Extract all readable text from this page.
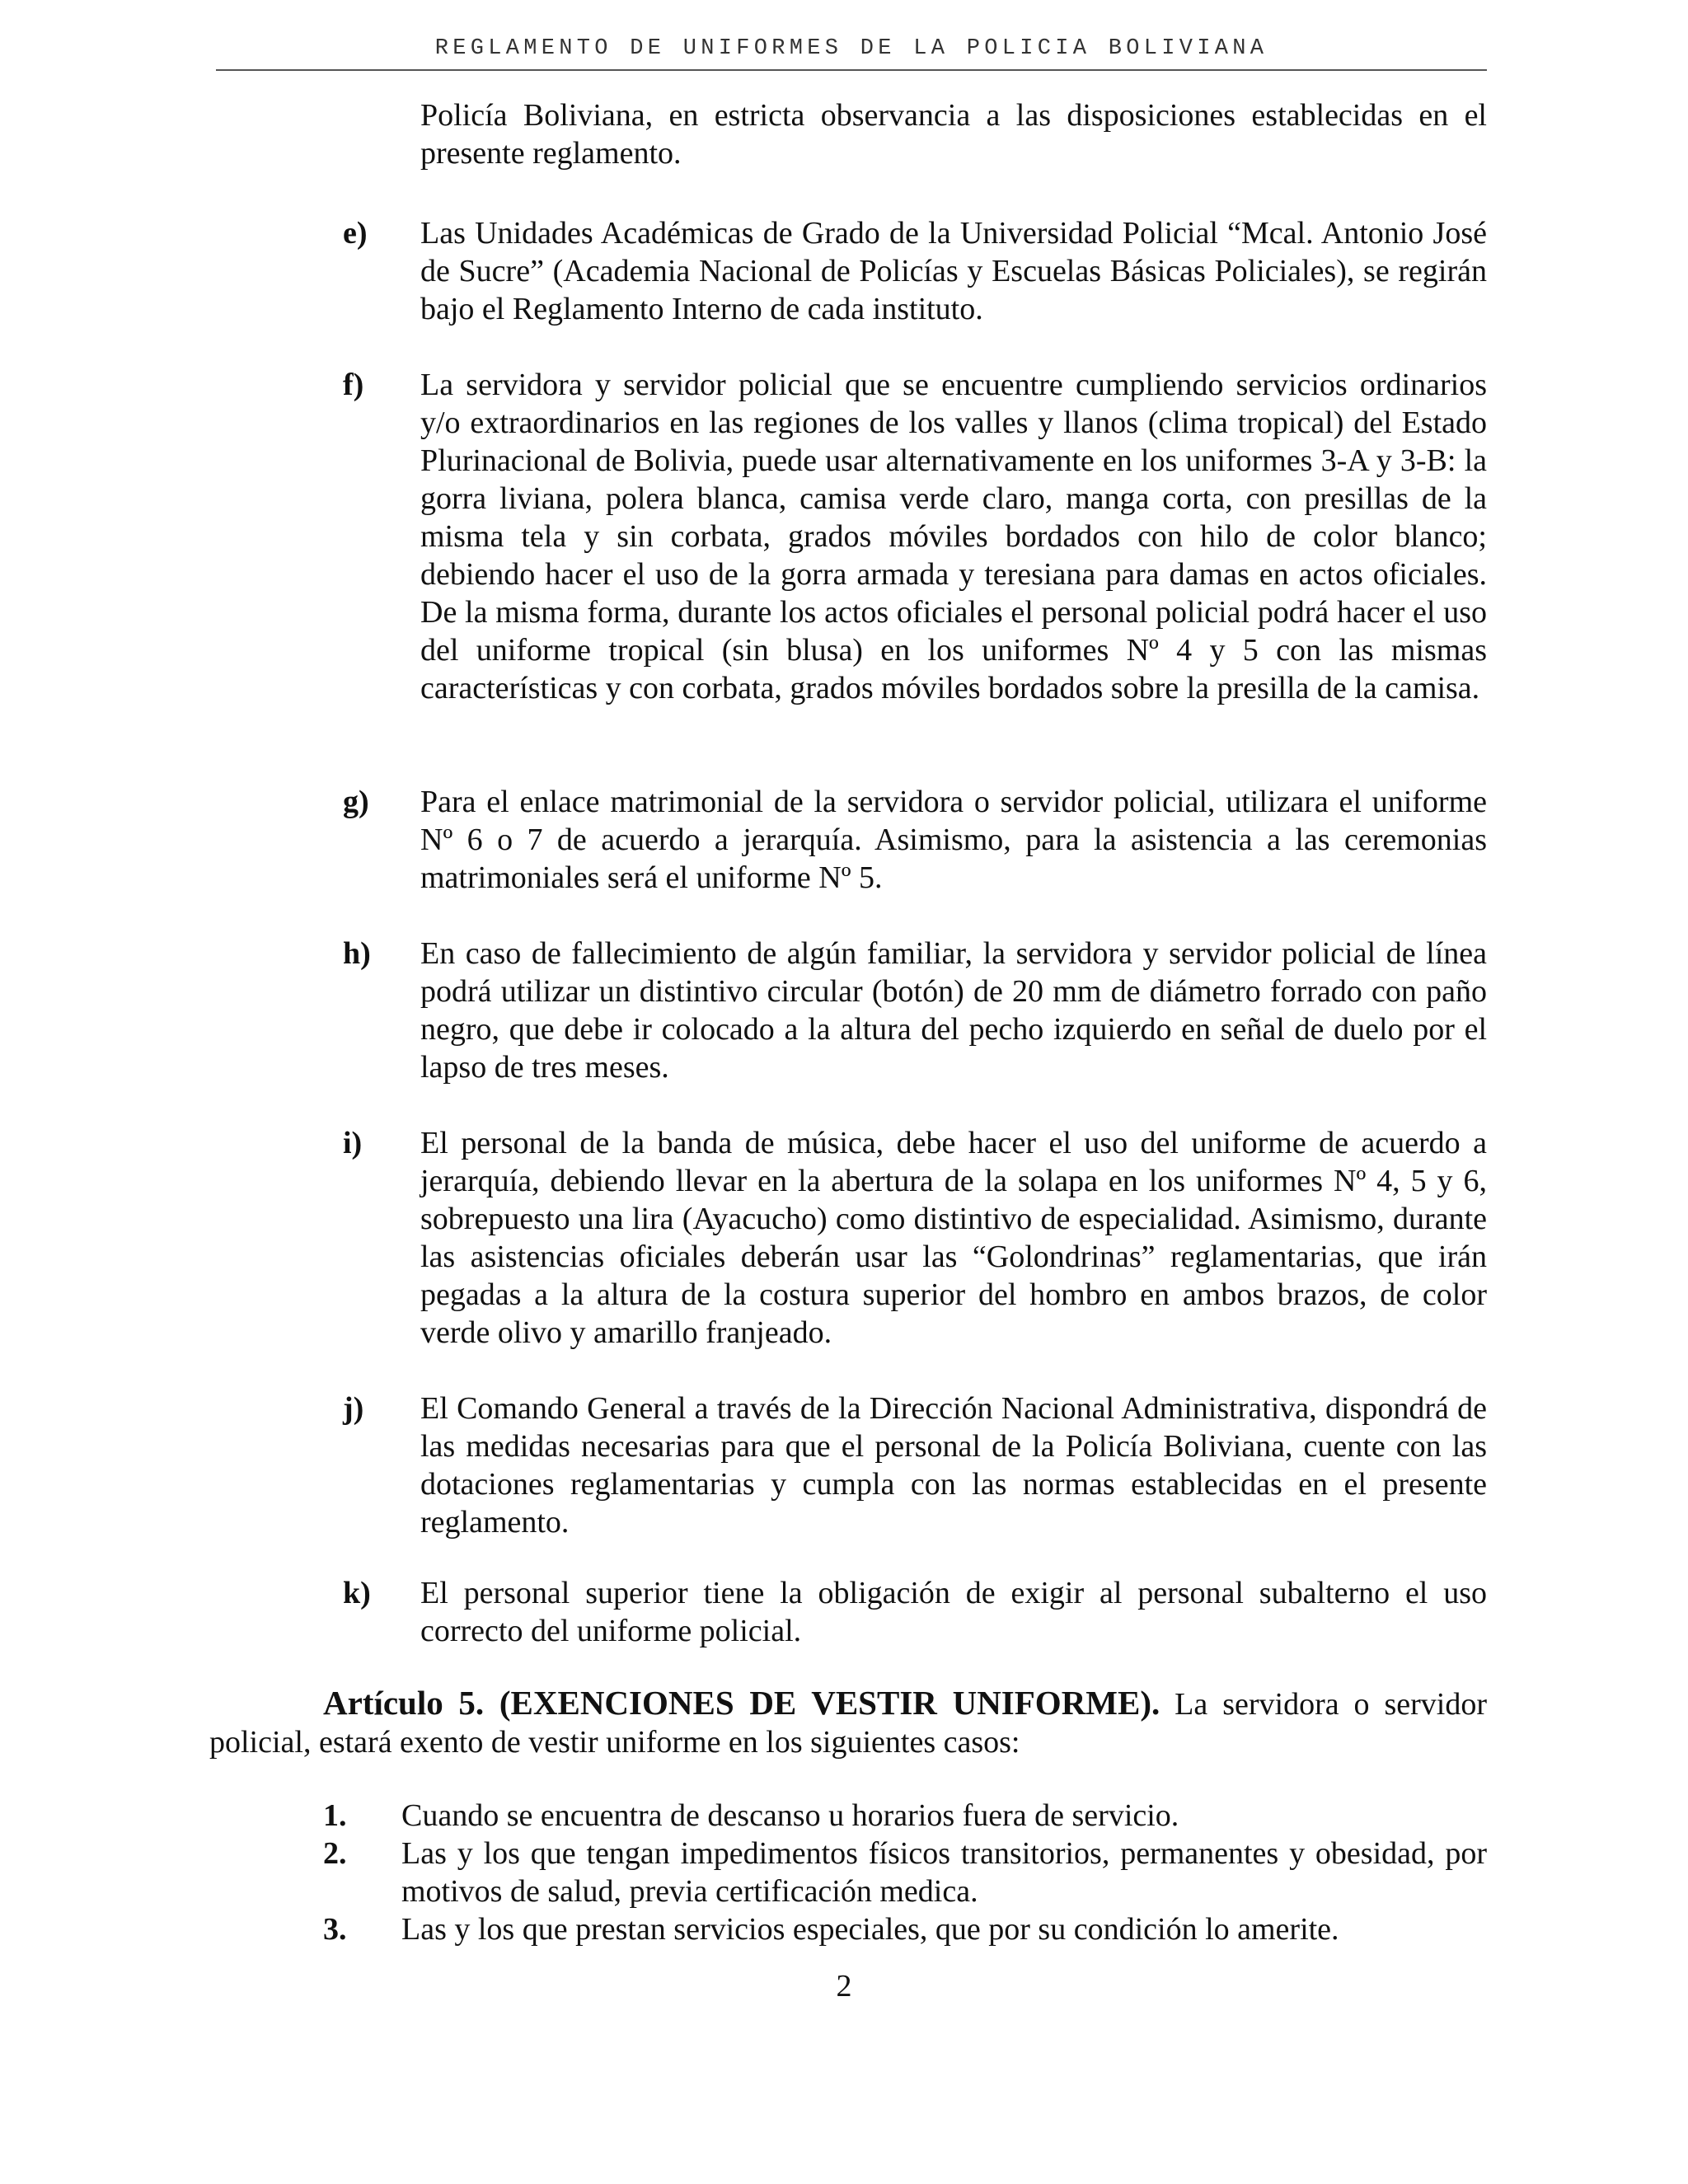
REGLAMENTO DE UNIFORMES DE LA POLICIA BOLIVIANA
Policía Boliviana, en estricta observancia a las disposiciones establecidas en el presente reglamento.
e) Las Unidades Académicas de Grado de la Universidad Policial “Mcal. Antonio José de Sucre” (Academia Nacional de Policías y Escuelas Básicas Policiales), se regirán bajo el Reglamento Interno de cada instituto.
f) La servidora y servidor policial que se encuentre cumpliendo servicios ordinarios y/o extraordinarios en las regiones de los valles y llanos (clima tropical) del Estado Plurinacional de Bolivia, puede usar alternativamente en los uniformes 3-A y 3-B: la gorra liviana, polera blanca, camisa verde claro, manga corta, con presillas de la misma tela y sin corbata, grados móviles bordados con hilo de color blanco; debiendo hacer el uso de la gorra armada y teresiana para damas en actos oficiales. De la misma forma, durante los actos oficiales el personal policial podrá hacer el uso del uniforme tropical (sin blusa) en los uniformes Nº 4 y 5 con las mismas características y con corbata, grados móviles bordados sobre la presilla de la camisa.
g) Para el enlace matrimonial de la servidora o servidor policial, utilizara el uniforme Nº 6 o 7 de acuerdo a jerarquía. Asimismo, para la asistencia a las ceremonias matrimoniales será el uniforme Nº 5.
h) En caso de fallecimiento de algún familiar, la servidora y servidor policial de línea podrá utilizar un distintivo circular (botón) de 20 mm de diámetro forrado con paño negro, que debe ir colocado a la altura del pecho izquierdo en señal de duelo por el lapso de tres meses.
i) El personal de la banda de música, debe hacer el uso del uniforme de acuerdo a jerarquía, debiendo llevar en la abertura de la solapa en los uniformes Nº 4, 5 y 6, sobrepuesto una lira (Ayacucho) como distintivo de especialidad. Asimismo, durante las asistencias oficiales deberán usar las “Golondrinas” reglamentarias, que irán pegadas a la altura de la costura superior del hombro en ambos brazos, de color verde olivo y amarillo franjeado.
j) El Comando General a través de la Dirección Nacional Administrativa, dispondrá de las medidas necesarias para que el personal de la Policía Boliviana, cuente con las dotaciones reglamentarias y cumpla con las normas establecidas en el presente reglamento.
k) El personal superior tiene la obligación de exigir al personal subalterno el uso correcto del uniforme policial.
Artículo 5. (EXENCIONES DE VESTIR UNIFORME). La servidora o servidor policial, estará exento de vestir uniforme en los siguientes casos:
1. Cuando se encuentra de descanso u horarios fuera de servicio.
2. Las y los que tengan impedimentos físicos transitorios, permanentes y obesidad, por motivos de salud, previa certificación medica.
3. Las y los que prestan servicios especiales, que por su condición lo amerite.
2
